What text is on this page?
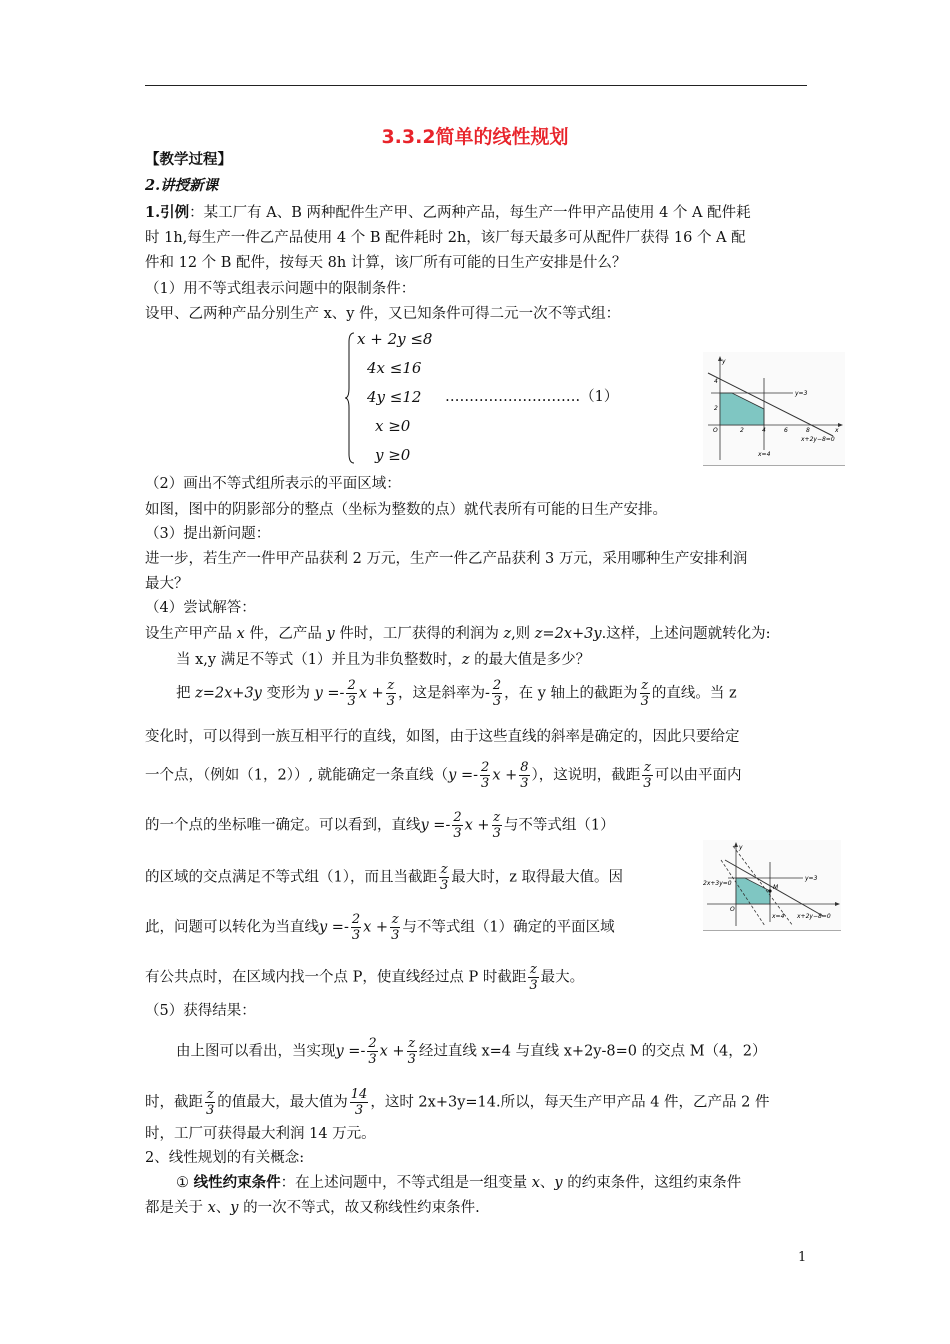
3.3.2简单的线性规划
【教学过程】
2.讲授新课
1.引例：某工厂有 A、B 两种配件生产甲、乙两种产品，每生产一件甲产品使用 4 个 A 配件耗
时 1h,每生产一件乙产品使用 4 个 B 配件耗时 2h，该厂每天最多可从配件厂获得 16 个 A 配
件和 12 个 B 配件，按每天 8h 计算，该厂所有可能的日生产安排是什么？
（1）用不等式组表示问题中的限制条件：
设甲、乙两种产品分别生产 x、y 件，又已知条件可得二元一次不等式组：
x + 2y ≤8
4x ≤16
4y ≤12
x ≥0
y ≥0
……………………….（1）
y
y=3
4
2
O	2	4	6	8	x
x+2y−8=0
x=4
（2）画出不等式组所表示的平面区域：
如图，图中的阴影部分的整点（坐标为整数的点）就代表所有可能的日生产安排。
（3）提出新问题：
进一步，若生产一件甲产品获利 2 万元，生产一件乙产品获利 3 万元，采用哪种生产安排利润
最大？
（4）尝试解答：
设生产甲产品 x 件，乙产品 y 件时，工厂获得的利润为 z,则 z=2x+3y.这样，上述问题就转化为:
当 x,y 满足不等式（1）并且为非负整数时，z 的最大值是多少？
把 z=2x+3y 变形为 $y =- \frac{2}{3}$ $x + \frac{z}{3}$ ，这是斜率为- $\frac{2}{3}$ ，在 y 轴上的截距为 $\frac{z}{3}$ 的直线。当 z
变化时，可以得到一族互相平行的直线，如图，由于这些直线的斜率是确定的，因此只要给定
一个点，（例如（1，2））, 就能确定一条直线（$y =- \frac{2}{3}$ $x + \frac{8}{3}$ ），这说明，截距 $\frac{z}{3}$ 可以由平面内
的一个点的坐标唯一确定。可以看到，直线$y =- \frac{2}{3}$ $x + \frac{z}{3}$ 与不等式组（1）
的区域的交点满足不等式组（1），而且当截距 $\frac{z}{3}$ 最大时，z 取得最大值。因
此，问题可以转化为当直线$y =- \frac{2}{3}$ $x + \frac{z}{3}$ 与不等式组（1）确定的平面区域
有公共点时，在区域内找一个点 P，使直线经过点 P 时截距 $\frac{z}{3}$ 最大。
y
y=3
2x+3y=0
M
O
x=4 x+2y−8=0
（5）获得结果：
由上图可以看出，当实现$y =- \frac{2}{3}$ $x + \frac{z}{3}$ 经过直线 x=4 与直线 x+2y-8=0 的交点 M（4，2）
时，截距 $\frac{z}{3}$ 的值最大，最大值为 $\frac{14}{3}$ ，这时 2x+3y=14.所以，每天生产甲产品 4 件，乙产品 2 件
时，工厂可获得最大利润 14 万元。
2、线性规划的有关概念:
① 线性约束条件：在上述问题中，不等式组是一组变量 x、y 的约束条件，这组约束条件
都是关于 x、y 的一次不等式，故又称线性约束条件.
1
